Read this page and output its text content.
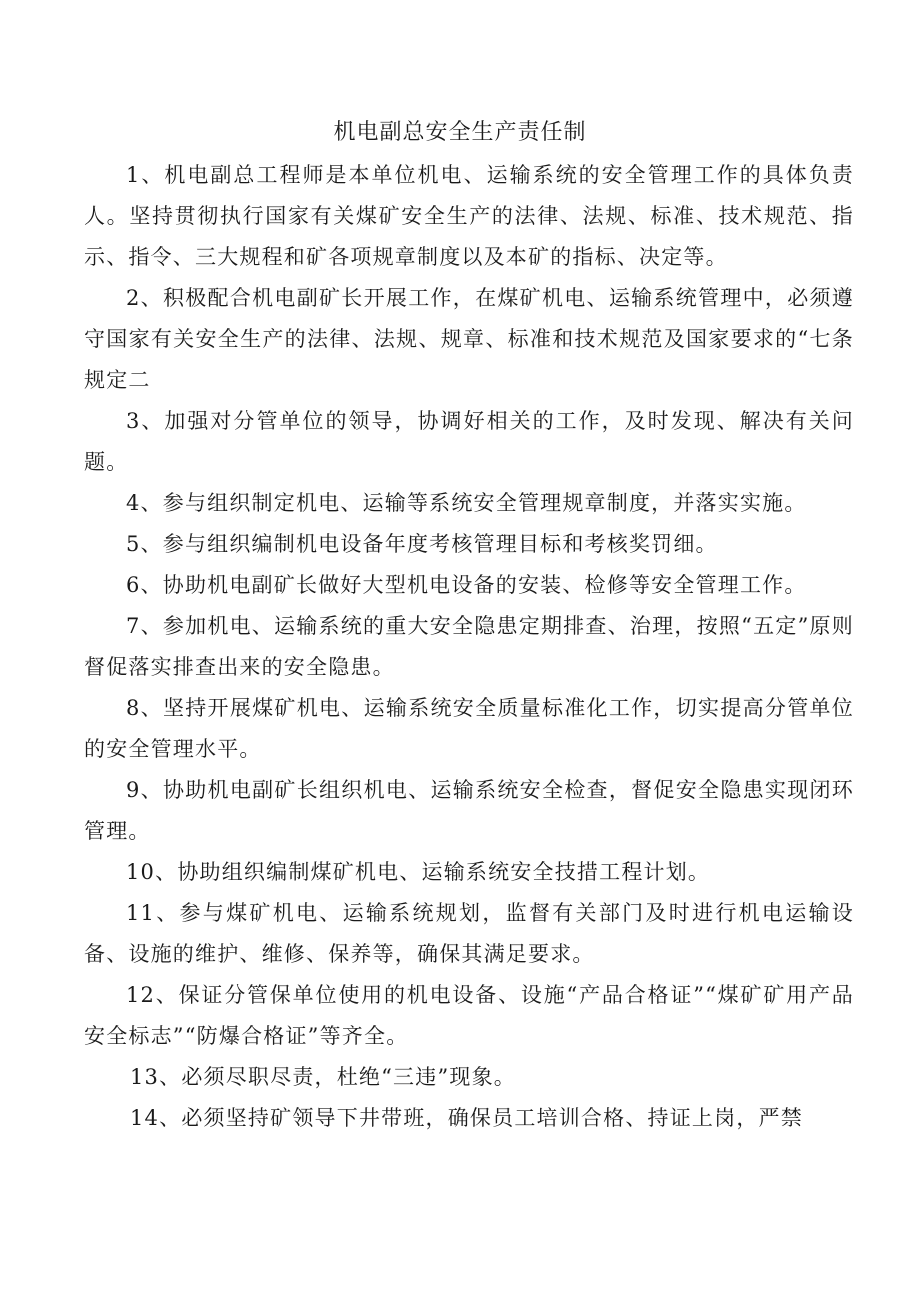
机电副总安全生产责任制

1、机电副总工程师是本单位机电、运输系统的安全管理工作的具体负责人。坚持贯彻执行国家有关煤矿安全生产的法律、法规、标准、技术规范、指示、指令、三大规程和矿各项规章制度以及本矿的指标、决定等。

2、积极配合机电副矿长开展工作，在煤矿机电、运输系统管理中，必须遵守国家有关安全生产的法律、法规、规章、标准和技术规范及国家要求的“七条规定二

3、加强对分管单位的领导，协调好相关的工作，及时发现、解决有关问题。

4、参与组织制定机电、运输等系统安全管理规章制度，并落实实施。

5、参与组织编制机电设备年度考核管理目标和考核奖罚细。

6、协助机电副矿长做好大型机电设备的安装、检修等安全管理工作。

7、参加机电、运输系统的重大安全隐患定期排查、治理，按照“五定”原则督促落实排查出来的安全隐患。

8、坚持开展煤矿机电、运输系统安全质量标准化工作，切实提高分管单位的安全管理水平。

9、协助机电副矿长组织机电、运输系统安全检查，督促安全隐患实现闭环管理。

10、协助组织编制煤矿机电、运输系统安全技措工程计划。

11、参与煤矿机电、运输系统规划，监督有关部门及时进行机电运输设备、设施的维护、维修、保养等，确保其满足要求。

12、保证分管保单位使用的机电设备、设施“产品合格证”“煤矿矿用产品安全标志”“防爆合格证”等齐全。

13、必须尽职尽责，杜绝“三违”现象。

14、必须坚持矿领导下井带班，确保员工培训合格、持证上岗，严禁
